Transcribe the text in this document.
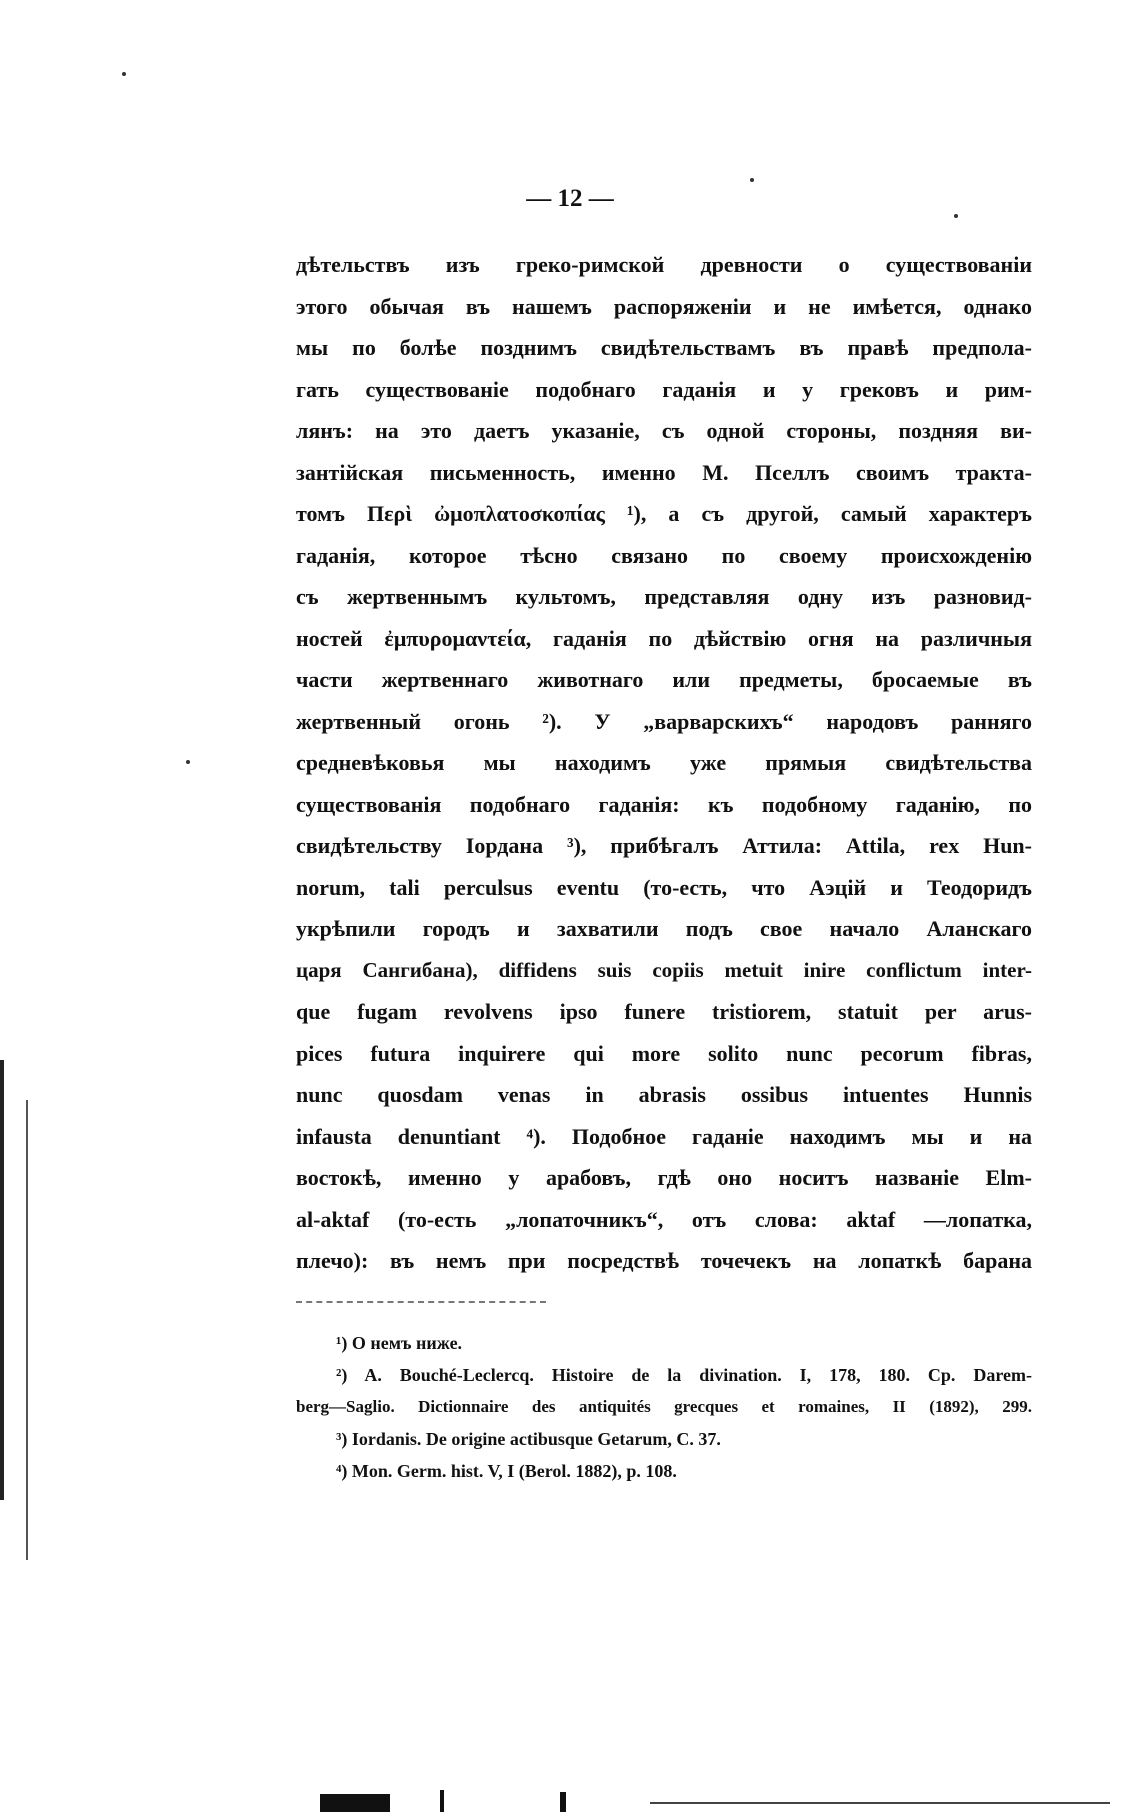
— 12 —
дѣтельствъ изъ греко-римской древности о существованіи
этого обычая въ нашемъ распоряженіи и не имѣется, однако
мы по болѣе позднимъ свидѣтельствамъ въ правѣ предпола-
гать существованіе подобнаго гаданія и у грековъ и рим-
лянъ: на это даетъ указаніе, съ одной стороны, поздняя ви-
зантійская письменность, именно М. Пселлъ своимъ тракта-
томъ Περὶ ὠμοπλατοσκοπίας ¹), а съ другой, самый характеръ
гаданія, которое тѣсно связано по своему происхожденію
съ жертвеннымъ культомъ, представляя одну изъ разновид-
ностей ἐμπυρομαντεία, гаданія по дѣйствію огня на различныя
части жертвеннаго животнаго или предметы, бросаемые въ
жертвенный огонь ²). У „варварскихъ“ народовъ ранняго
средневѣковья мы находимъ уже прямыя свидѣтельства
существованія подобнаго гаданія: къ подобному гаданію, по
свидѣтельству Іордана ³), прибѣгалъ Аттила: Attila, rex Hun-
norum, tali perculsus eventu (то-есть, что Аэцій и Теодоридъ
укрѣпили городъ и захватили подъ свое начало Аланскаго
царя Сангибана), diffidens suis copiis metuit inire conflictum inter-
que fugam revolvens ipso funere tristiorem, statuit per arus-
pices futura inquirere qui more solito nunc pecorum fibras,
nunc quosdam venas in abrasis ossibus intuentes Hunnis
infausta denuntiant ⁴). Подобное гаданіе находимъ мы и на
востокѣ, именно у арабовъ, гдѣ оно носитъ названіе Elm-
al-aktaf (то-есть „лопаточникъ“, отъ слова: aktaf —лопатка,
плечо): въ немъ при посредствѣ точечекъ на лопаткѣ барана
¹) О немъ ниже.
²) A. Bouché-Leclercq. Histoire de la divination. I, 178, 180. Cp. Darem-
berg—Saglio. Dictionnaire des antiquités grecques et romaines, II (1892), 299.
³) Iordanis. De origine actibusque Getarum, C. 37.
⁴) Mon. Germ. hist. V, I (Berol. 1882), p. 108.
